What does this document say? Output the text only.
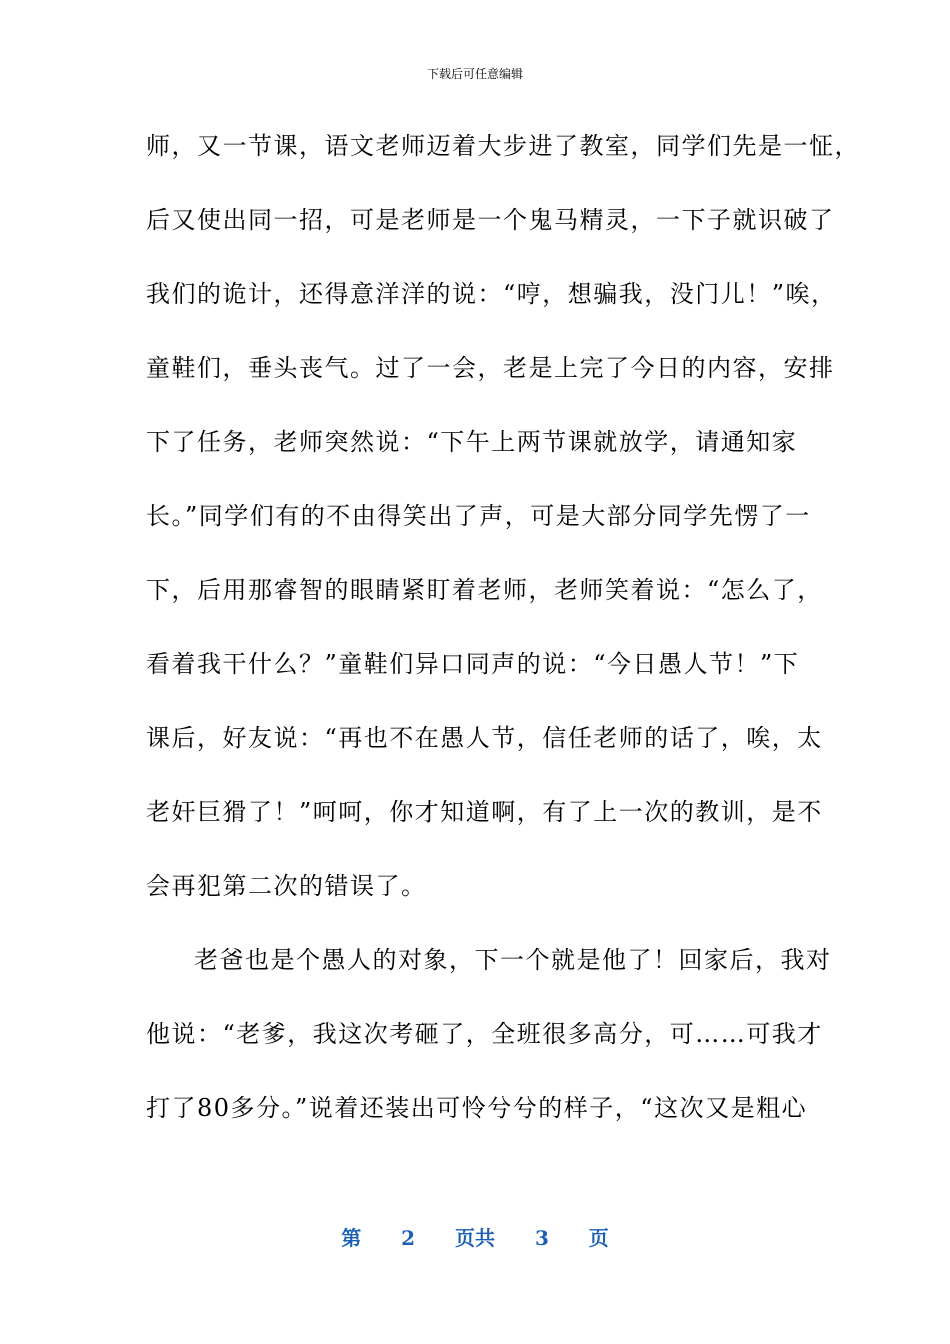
下载后可任意编辑
师，又一节课，语文老师迈着大步进了教室，同学们先是一怔，
后又使出同一招，可是老师是一个鬼马精灵，一下子就识破了
我们的诡计，还得意洋洋的说：“哼，想骗我，没门儿！”唉，
童鞋们，垂头丧气。过了一会，老是上完了今日的内容，安排
下了任务，老师突然说：“下午上两节课就放学，请通知家
长。”同学们有的不由得笑出了声，可是大部分同学先愣了一
下，后用那睿智的眼睛紧盯着老师，老师笑着说：“怎么了，
看着我干什么？”童鞋们异口同声的说：“今日愚人节！”下
课后，好友说：“再也不在愚人节，信任老师的话了，唉，太
老奸巨猾了！”呵呵，你才知道啊，有了上一次的教训，是不
会再犯第二次的错误了。
老爸也是个愚人的对象，下一个就是他了！回家后，我对
他说：“老爹，我这次考砸了，全班很多高分，可……可我才
打了80多分。”说着还装出可怜兮兮的样子，“这次又是粗心
第 2 页共 3 页
